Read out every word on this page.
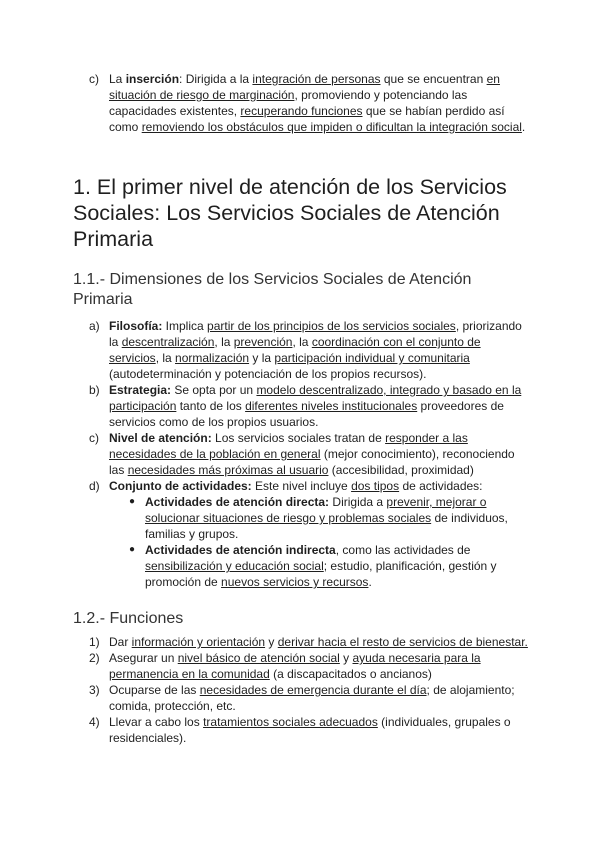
c) La inserción: Dirigida a la integración de personas que se encuentran en situación de riesgo de marginación, promoviendo y potenciando las capacidades existentes, recuperando funciones que se habían perdido así como removiendo los obstáculos que impiden o dificultan la integración social.
1. El primer nivel de atención de los Servicios Sociales: Los Servicios Sociales de Atención Primaria
1.1.- Dimensiones de los Servicios Sociales de Atención Primaria
a) Filosofía: Implica partir de los principios de los servicios sociales, priorizando la descentralización, la prevención, la coordinación con el conjunto de servicios, la normalización y la participación individual y comunitaria (autodeterminación y potenciación de los propios recursos).
b) Estrategia: Se opta por un modelo descentralizado, integrado y basado en la participación tanto de los diferentes niveles institucionales proveedores de servicios como de los propios usuarios.
c) Nivel de atención: Los servicios sociales tratan de responder a las necesidades de la población en general (mejor conocimiento), reconociendo las necesidades más próximas al usuario (accesibilidad, proximidad)
d) Conjunto de actividades: Este nivel incluye dos tipos de actividades:
● Actividades de atención directa: Dirigida a prevenir, mejorar o solucionar situaciones de riesgo y problemas sociales de individuos, familias y grupos.
● Actividades de atención indirecta, como las actividades de sensibilización y educación social; estudio, planificación, gestión y promoción de nuevos servicios y recursos.
1.2.- Funciones
1) Dar información y orientación y derivar hacia el resto de servicios de bienestar.
2) Asegurar un nivel básico de atención social y ayuda necesaria para la permanencia en la comunidad (a discapacitados o ancianos)
3) Ocuparse de las necesidades de emergencia durante el día; de alojamiento; comida, protección, etc.
4) Llevar a cabo los tratamientos sociales adecuados (individuales, grupales o residenciales).
